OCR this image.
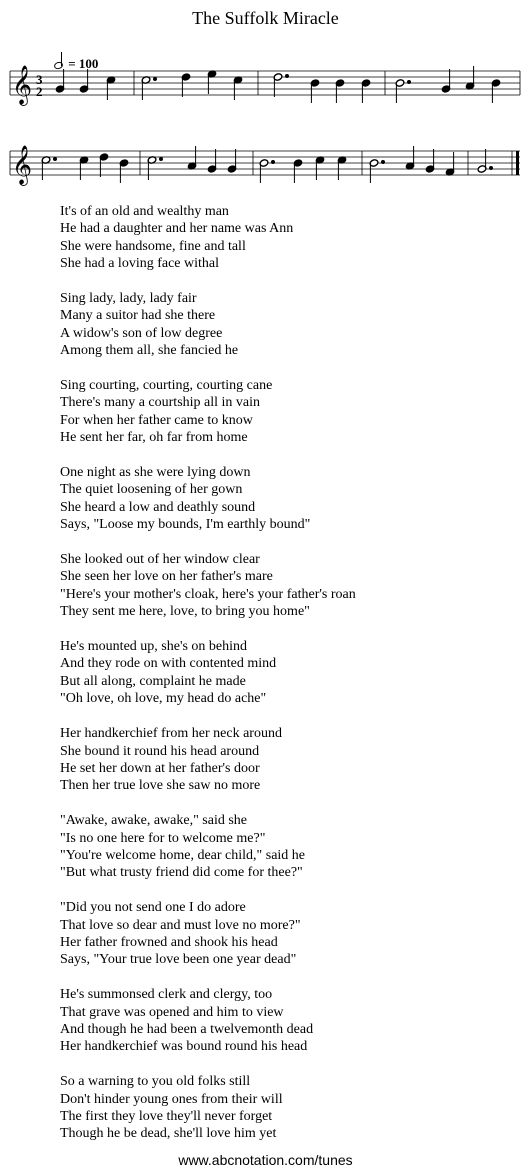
The Suffolk Miracle
= 100
𝄞 3
2
𝄞
It's of an old and wealthy man
He had a daughter and her name was Ann
She were handsome, fine and tall
She had a loving face withal
Sing lady, lady, lady fair
Many a suitor had she there
A widow's son of low degree
Among them all, she fancied he
Sing courting, courting, courting cane
There's many a courtship all in vain
For when her father came to know
He sent her far, oh far from home
One night as she were lying down
The quiet loosening of her gown
She heard a low and deathly sound
Says, "Loose my bounds, I'm earthly bound"
She looked out of her window clear
She seen her love on her father's mare
"Here's your mother's cloak, here's your father's roan
They sent me here, love, to bring you home"
He's mounted up, she's on behind
And they rode on with contented mind
But all along, complaint he made
"Oh love, oh love, my head do ache"
Her handkerchief from her neck around
She bound it round his head around
He set her down at her father's door
Then her true love she saw no more
"Awake, awake, awake," said she
"Is no one here for to welcome me?"
"You're welcome home, dear child," said he
"But what trusty friend did come for thee?"
"Did you not send one I do adore
That love so dear and must love no more?"
Her father frowned and shook his head
Says, "Your true love been one year dead"
He's summonsed clerk and clergy, too
That grave was opened and him to view
And though he had been a twelvemonth dead
Her handkerchief was bound round his head
So a warning to you old folks still
Don't hinder young ones from their will
The first they love they'll never forget
Though he be dead, she'll love him yet
www.abcnotation.com/tunes
